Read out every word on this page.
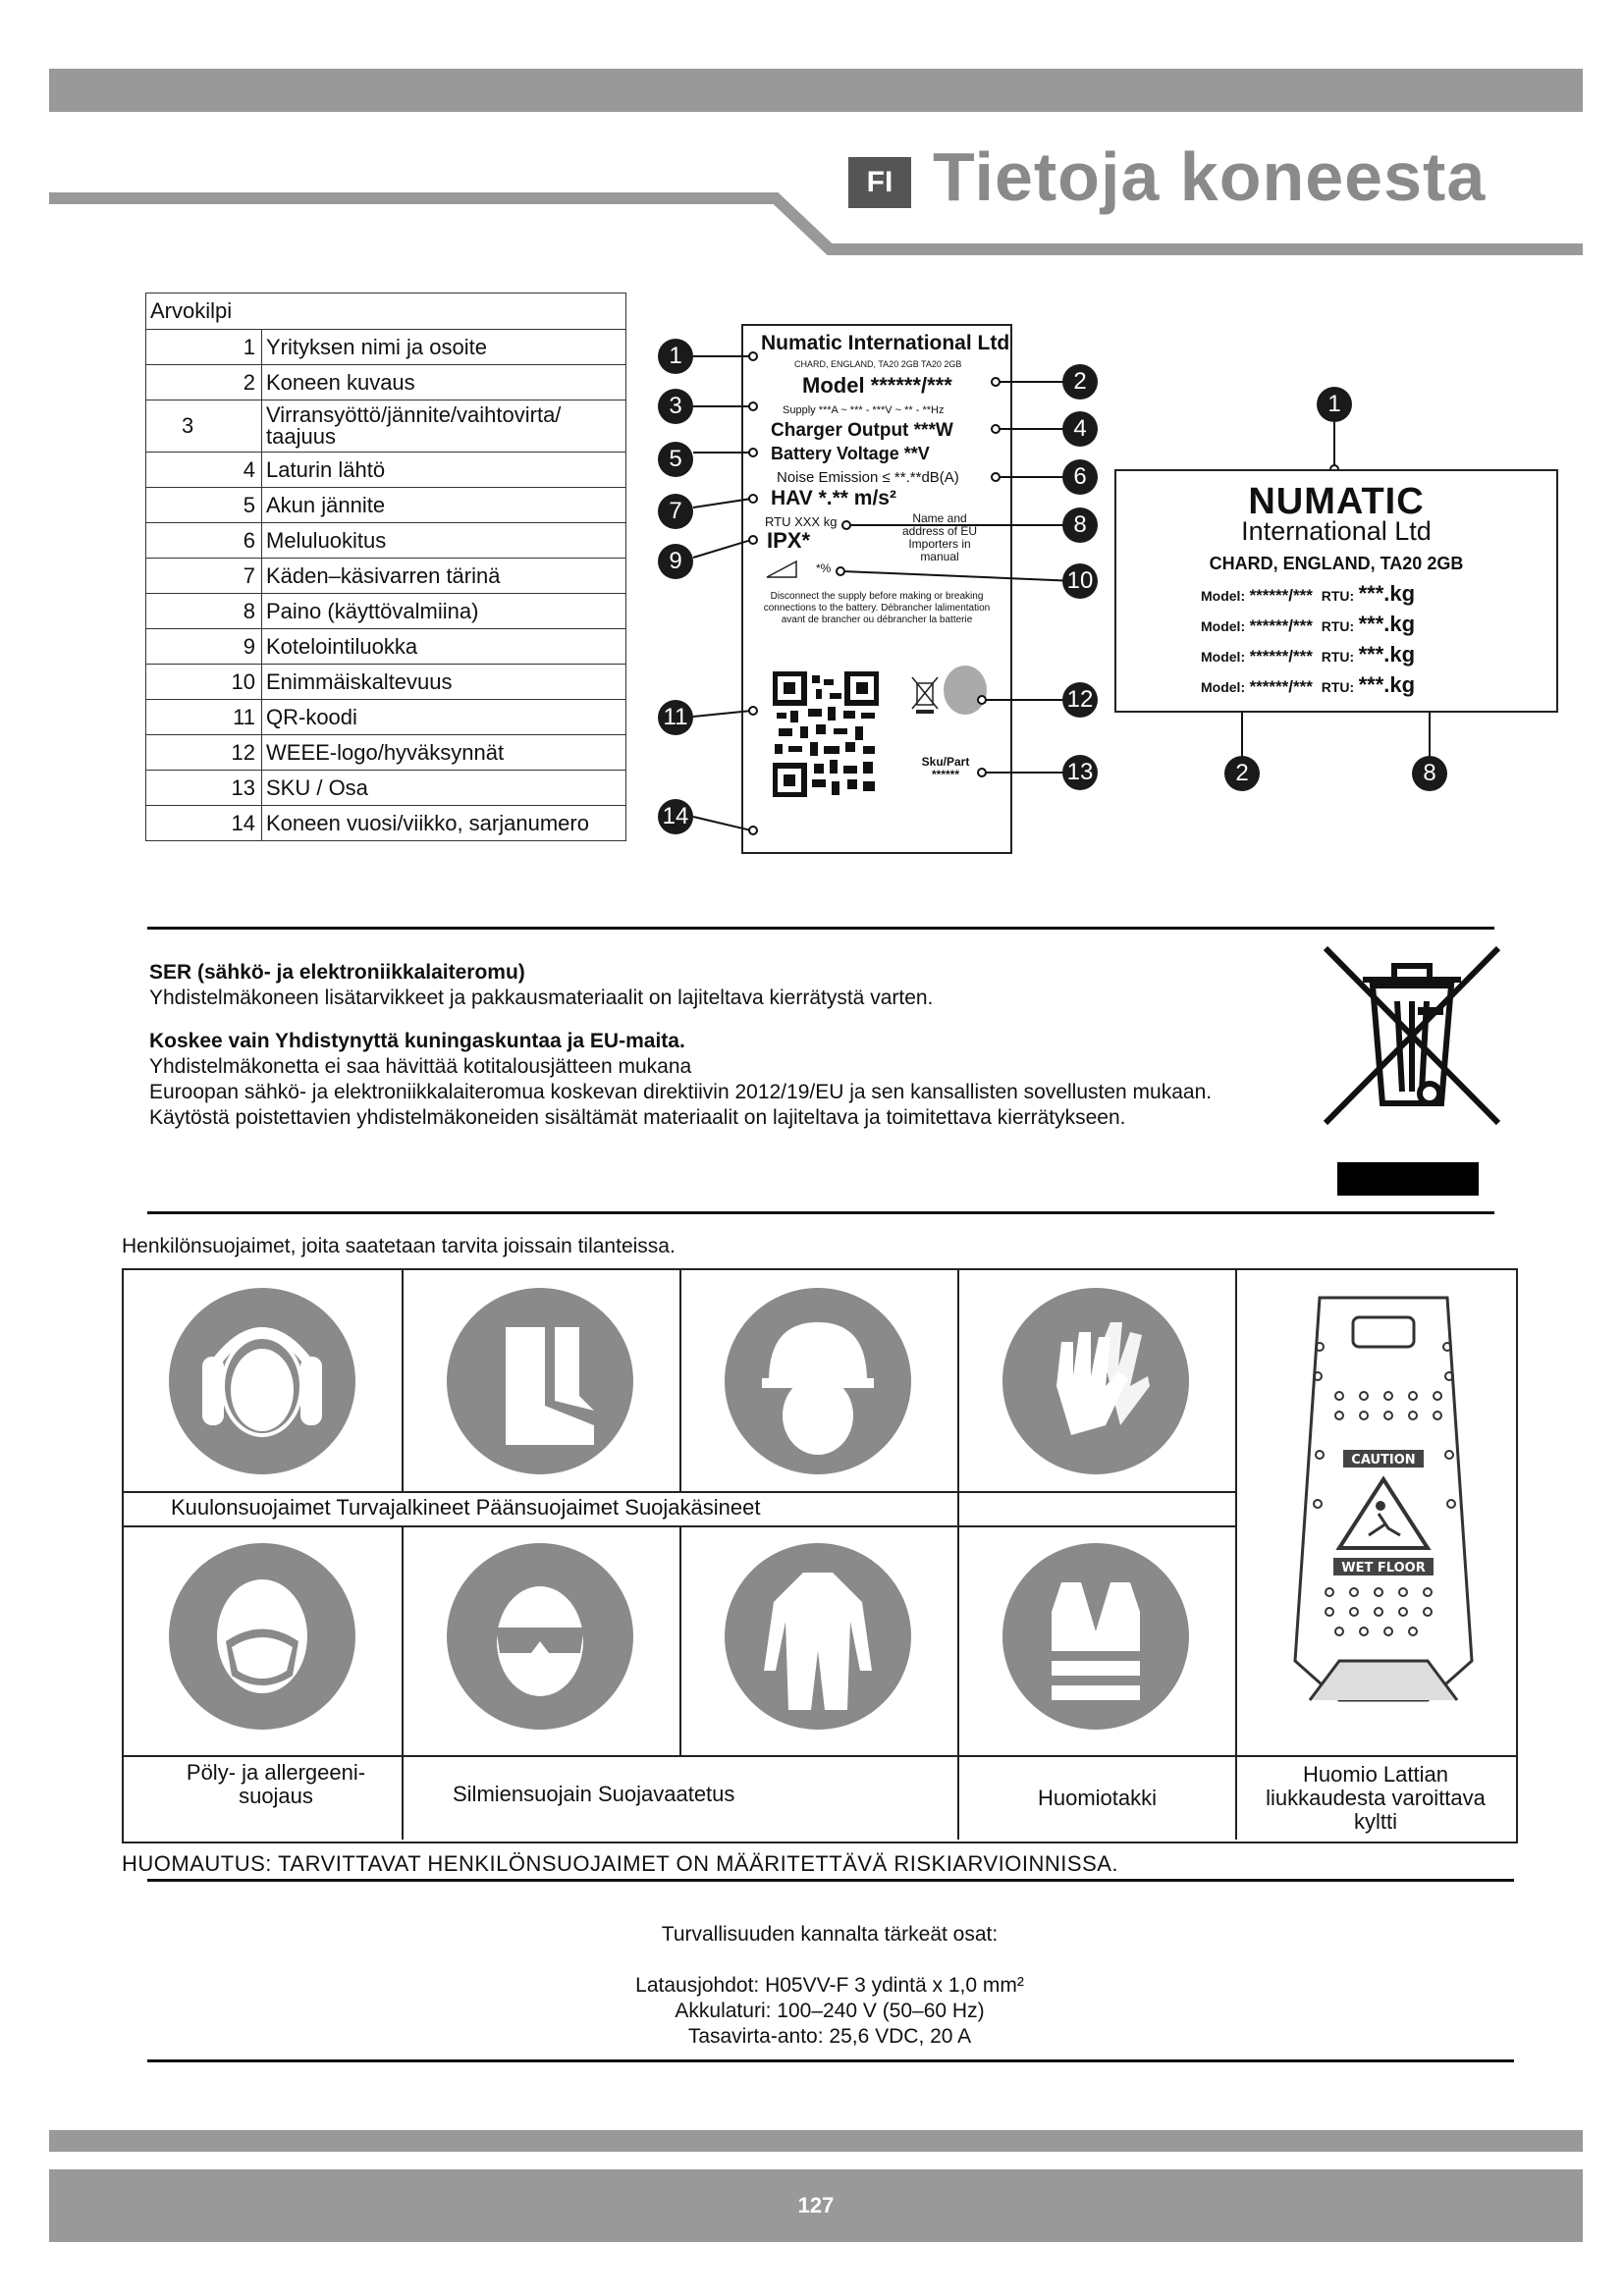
FI Tietoja koneesta
Arvokilpi	
1	Yrityksen nimi ja osoite
2	Koneen kuvaus
3	Virransyöttö/jännite/vaihtovirta/ taajuus
4	Laturin lähtö
5	Akun jännite
6	Meluluokitus
7	Käden–käsivarren tärinä
8	Paino (käyttövalmiina)
9	Kotelointiluokka
10	Enimmäiskaltevuus
11	QR-koodi
12	WEEE-logo/hyväksynnät
13	SKU / Osa
14	Koneen vuosi/viikko, sarjanumero
Numatic International Ltd
CHARD, ENGLAND, TA20 2GB TA20 2GB
Model ******/***
Supply ***A ~ *** - ***V ~ ** - **Hz
Charger Output ***W
Battery Voltage **V
Noise Emission ≤ **.**dB(A)
HAV *.** m/s²
RTU XXX kg
IPX*
Name and address of EU Importers in manual
*%
Disconnect the supply before making or breaking connections to the battery. Débrancher lalimentation avant de brancher ou débrancher la batterie
Sku/Part ******
1
2
3
4
5
6
7
8
9
10
11
12
13
14
NUMATIC
International Ltd
CHARD, ENGLAND, TA20 2GB
Model: ******/*** RTU: ***.kg
Model: ******/*** RTU: ***.kg
Model: ******/*** RTU: ***.kg
Model: ******/*** RTU: ***.kg
1
2	8
SER (sähkö- ja elektroniikkalaiteromu)
Yhdistelmäkoneen lisätarvikkeet ja pakkausmateriaalit on lajiteltava kierrätystä varten.
Koskee vain Yhdistynyttä kuningaskuntaa ja EU-maita.
Yhdistelmäkonetta ei saa hävittää kotitalousjätteen mukana
Euroopan sähkö- ja elektroniikkalaiteromua koskevan direktiivin 2012/19/EU ja sen kansallisten sovellusten mukaan.
Käytöstä poistettavien yhdistelmäkoneiden sisältämät materiaalit on lajiteltava ja toimitettava kierrätykseen.
Henkilönsuojaimet, joita saatetaan tarvita joissain tilanteissa.
Kuulonsuojaimet Turvajalkineet Päänsuojaimet Suojakäsineet
CAUTION
WET FLOOR
Pöly- ja allergeeni-suojaus	Silmiensuojain Suojavaatetus	Huomiotakki
Huomio Lattian liukkaudesta varoittava kyltti
HUOMAUTUS: TARVITTAVAT HENKILÖNSUOJAIMET ON MÄÄRITETTÄVÄ RISKIARVIOINNISSA.
Turvallisuuden kannalta tärkeät osat:
Latausjohdot: H05VV-F 3 ydintä x 1,0 mm²
Akkulaturi: 100–240 V (50–60 Hz)
Tasavirta-anto: 25,6 VDC, 20 A
127
